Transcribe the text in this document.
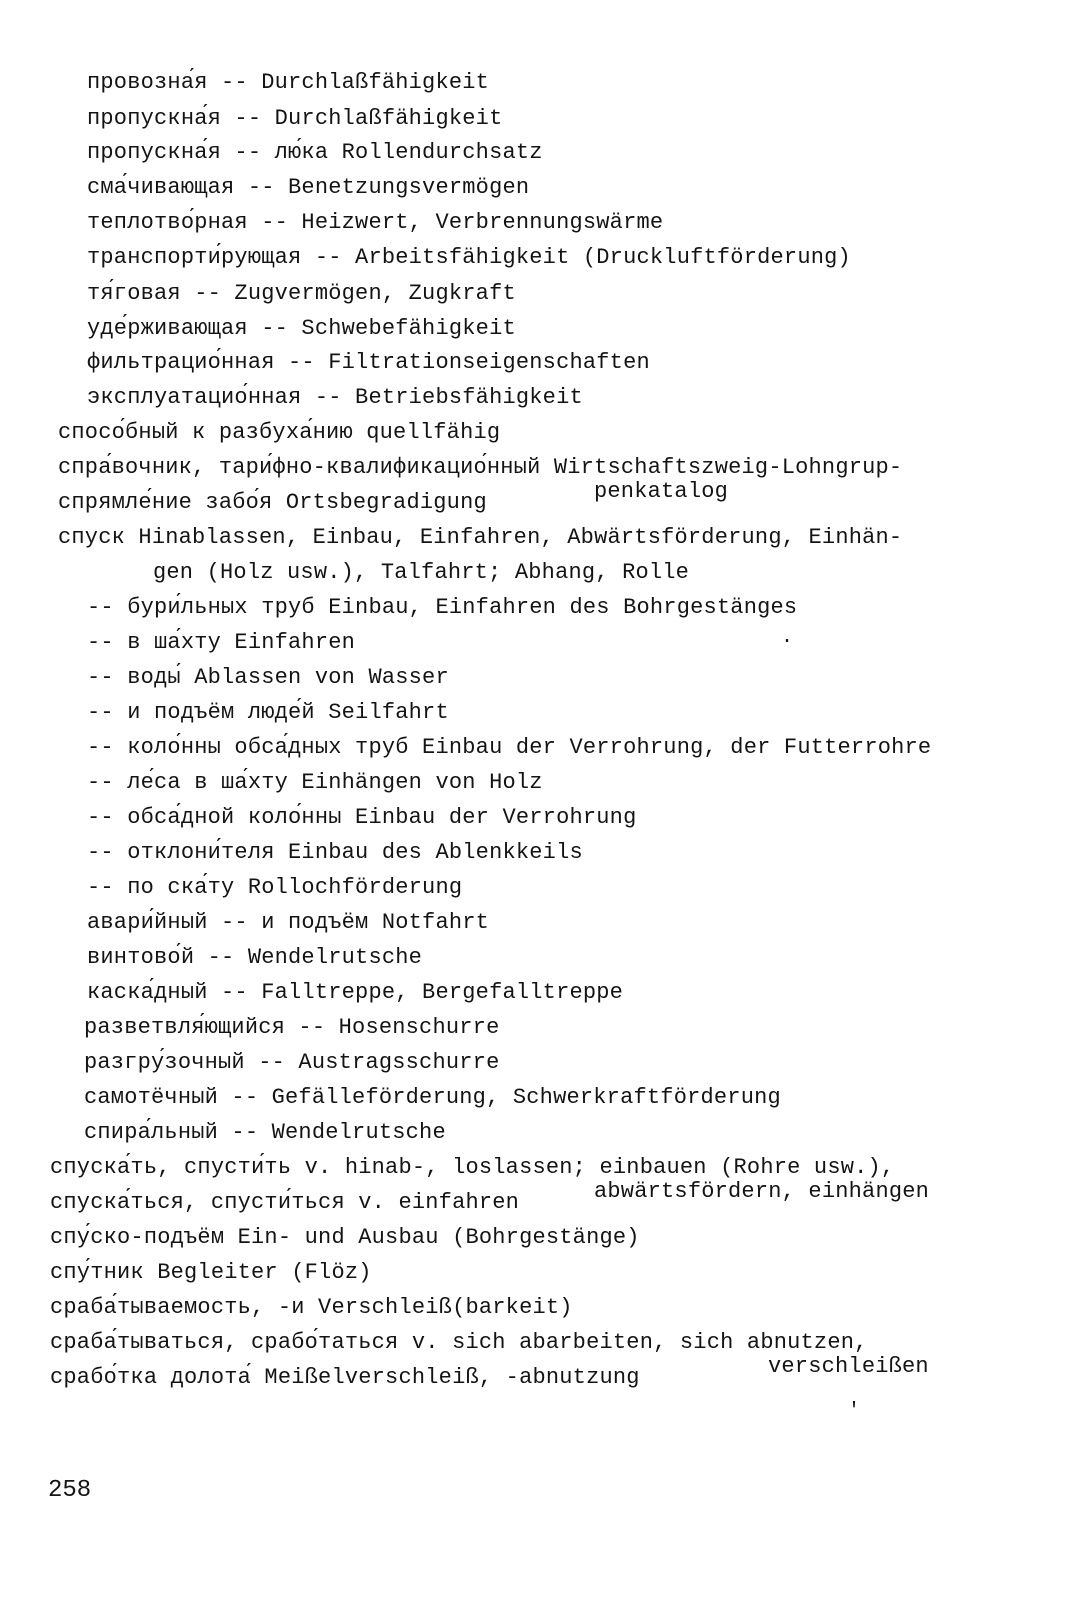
провозна́я -- Durchlaßfähigkeit
пропускна́я -- Durchlaßfähigkeit
пропускна́я -- лю́ка Rollendurchsatz
сма́чивающая -- Benetzungsvermögen
теплотво́рная -- Heizwert, Verbrennungswärme
транспорти́рующая -- Arbeitsfähigkeit (Druckluftförderung)
тя́говая -- Zugvermögen, Zugkraft
уде́рживающая -- Schwebefähigkeit
фильтрацио́нная -- Filtrationseigenschaften
эксплуатацио́нная -- Betriebsfähigkeit
спосо́бный к разбуха́нию quellfähig
спра́вочник, тари́фно-квалификацио́нный Wirtschaftszweig-Lohngrup-
penkatalog
спрямле́ние забо́я Ortsbegradigung
спуск Hinablassen, Einbau, Einfahren, Abwärtsförderung, Einhän-
gen (Holz usw.), Talfahrt; Abhang, Rolle
-- бури́льных труб Einbau, Einfahren des Bohrgestänges
-- в ша́хту Einfahren
-- воды́ Ablassen von Wasser
-- и подъём люде́й Seilfahrt
-- коло́нны обса́дных труб Einbau der Verrohrung, der Futterrohre
-- ле́са в ша́хту Einhängen von Holz
-- обса́дной коло́нны Einbau der Verrohrung
-- отклони́теля Einbau des Ablenkkeils
-- по ска́ту Rollochförderung
авари́йный -- и подъём Notfahrt
винтово́й -- Wendelrutsche
каска́дный -- Falltreppe, Bergefalltreppe
разветвля́ющийся -- Hosenschurre
разгру́зочный -- Austragsschurre
самотёчный -- Gefälleförderung, Schwerkraftförderung
спира́льный -- Wendelrutsche
спуска́ть, спусти́ть v. hinab-, loslassen; einbauen (Rohre usw.),
abwärtsfördern, einhängen
спуска́ться, спусти́ться v. einfahren
спу́ско-подъём Ein- und Ausbau (Bohrgestänge)
спу́тник Begleiter (Flöz)
сраба́тываемость, -и Verschleiß(barkeit)
сраба́тываться, срабо́таться v. sich abarbeiten, sich abnutzen,
verschleißen
срабо́тка долота́ Meißelverschleiß, -abnutzung
·
'
258
